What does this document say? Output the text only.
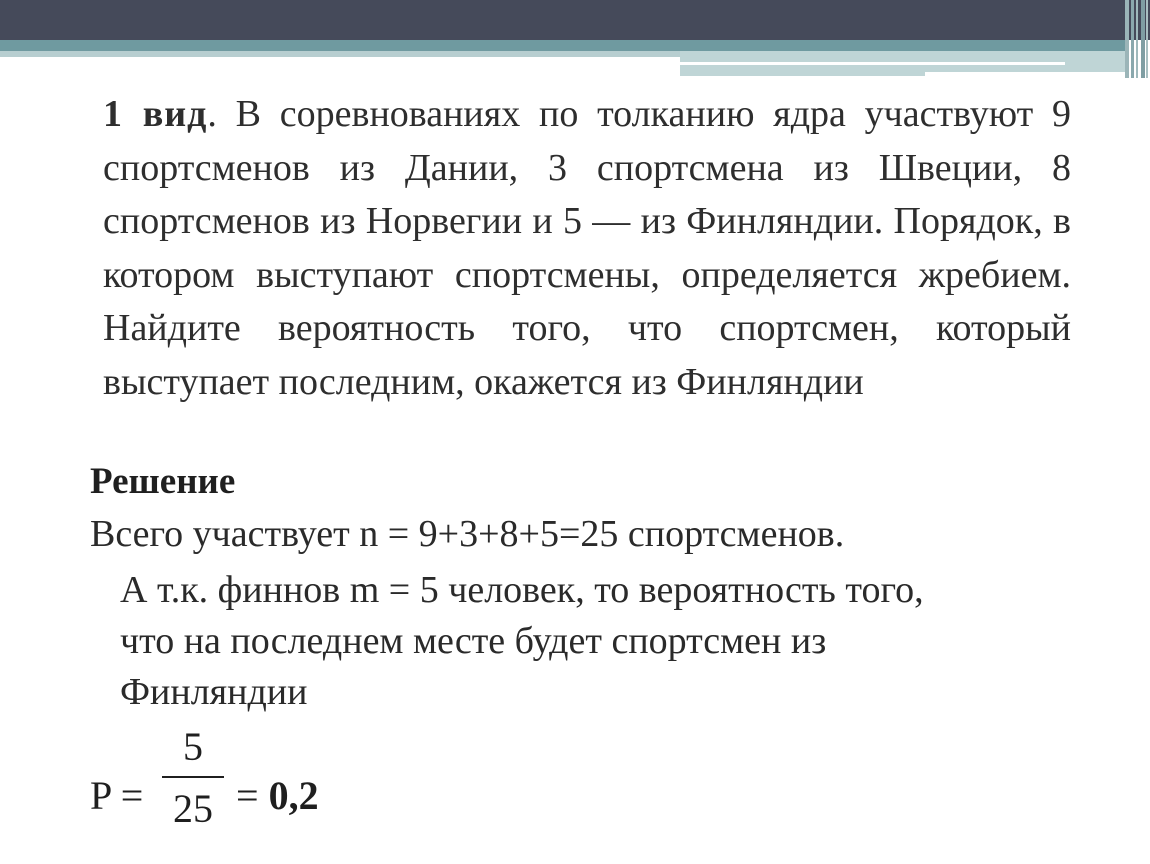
1 вид. В соревнованиях по толканию ядра участвуют 9 спортсменов из Дании, 3 спортсмена из Швеции, 8 спортсменов из Норвегии и 5 — из Финляндии. Порядок, в котором выступают спортсмены, определяется жребием. Найдите вероятность того, что спортсмен, который выступает последним, окажется из Финляндии
Решение
Всего участвует n = 9+3+8+5=25 спортсменов.
А т.к. финнов m = 5 человек, то вероятность того,
что на последнем месте будет спортсмен из
Финляндии
P =
5
25 = 0,2
